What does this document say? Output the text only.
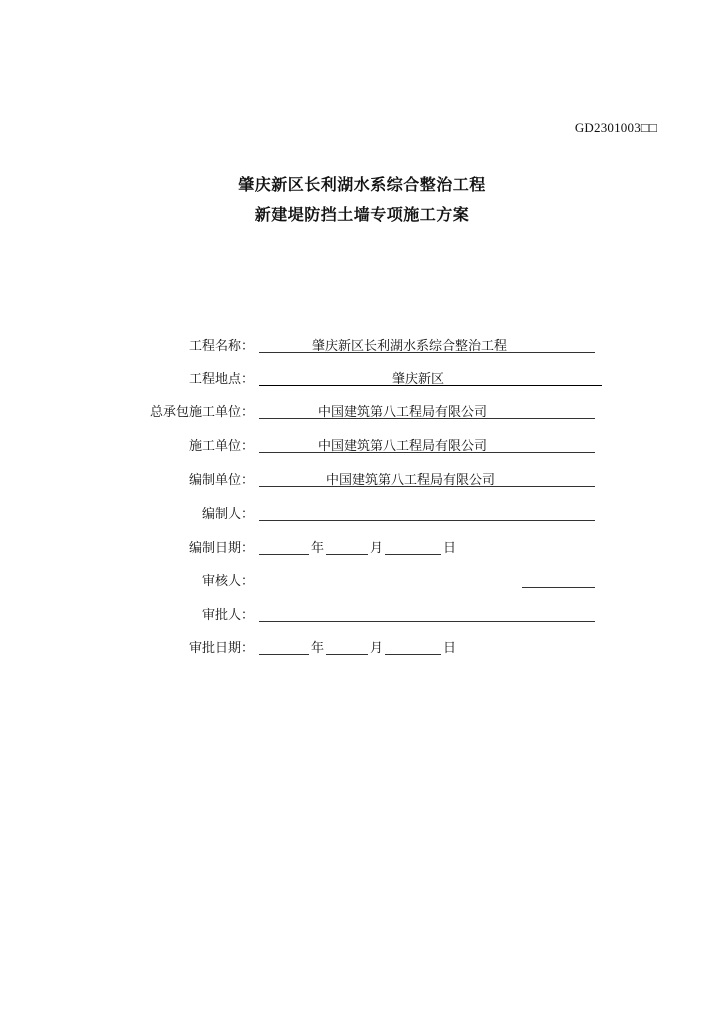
GD2301003□□
肇庆新区长利湖水系综合整治工程
新建堤防挡土墙专项施工方案
工程名称：	肇庆新区长利湖水系综合整治工程
工程地点：	肇庆新区
总承包施工单位：	中国建筑第八工程局有限公司
施工单位：	中国建筑第八工程局有限公司
编制单位：	中国建筑第八工程局有限公司
编制人：
编制日期：	年	月	日
审核人：
审批人：
审批日期：	年	月	日
